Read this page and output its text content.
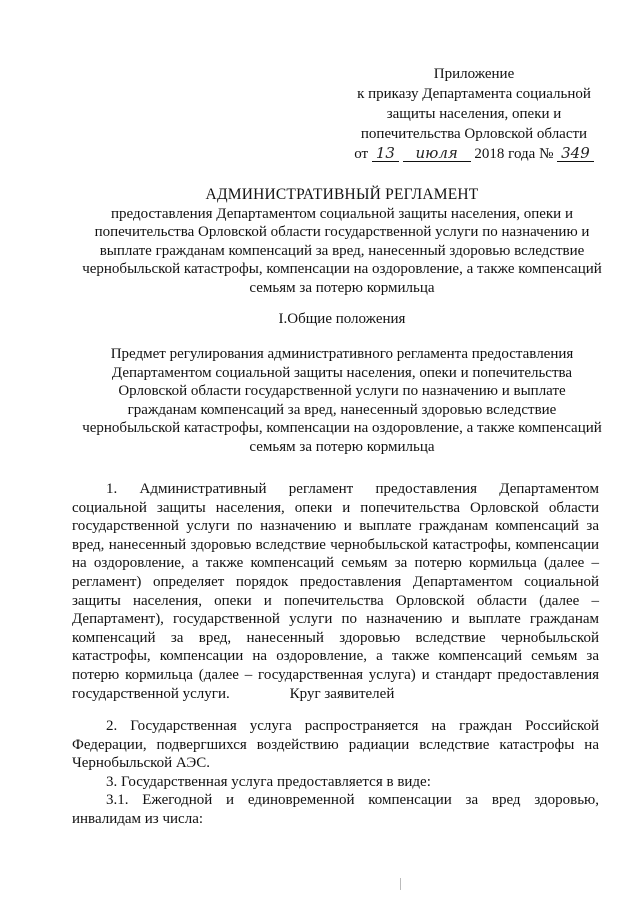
Приложение
к приказу Департамента социальной
защиты населения, опеки и
попечительства Орловской области
от 13 июля 2018 года № 349
АДМИНИСТРАТИВНЫЙ РЕГЛАМЕНТ
предоставления Департаментом социальной защиты населения, опеки и попечительства Орловской области государственной услуги по назначению и выплате гражданам компенсаций за вред, нанесенный здоровью вследствие чернобыльской катастрофы, компенсации на оздоровление, а также компенсаций семьям за потерю кормильца
I.Общие положения
Предмет регулирования административного регламента предоставления Департаментом социальной защиты населения, опеки и попечительства Орловской области государственной услуги по назначению и выплате гражданам компенсаций за вред, нанесенный здоровью вследствие чернобыльской катастрофы, компенсации на оздоровление, а также компенсаций семьям за потерю кормильца

1. Административный регламент предоставления Департаментом социальной защиты населения, опеки и попечительства Орловской области государственной услуги по назначению и выплате гражданам компенсаций за вред, нанесенный здоровью вследствие чернобыльской катастрофы, компенсации на оздоровление, а также компенсаций семьям за потерю кормильца (далее – регламент) определяет порядок предоставления Департаментом социальной защиты населения, опеки и попечительства Орловской области (далее – Департамент), государственной услуги по назначению и выплате гражданам компенсаций за вред, нанесенный здоровью вследствие чернобыльской катастрофы, компенсации на оздоровление, а также компенсаций семьям за потерю кормильца (далее – государственная услуга) и стандарт предоставления государственной услуги.	Круг заявителей

2. Государственная услуга распространяется на граждан Российской Федерации, подвергшихся воздействию радиации вследствие катастрофы на Чернобыльской АЭС.

3. Государственная услуга предоставляется в виде:

3.1. Ежегодной и единовременной компенсации за вред здоровью, инвалидам из числа:
